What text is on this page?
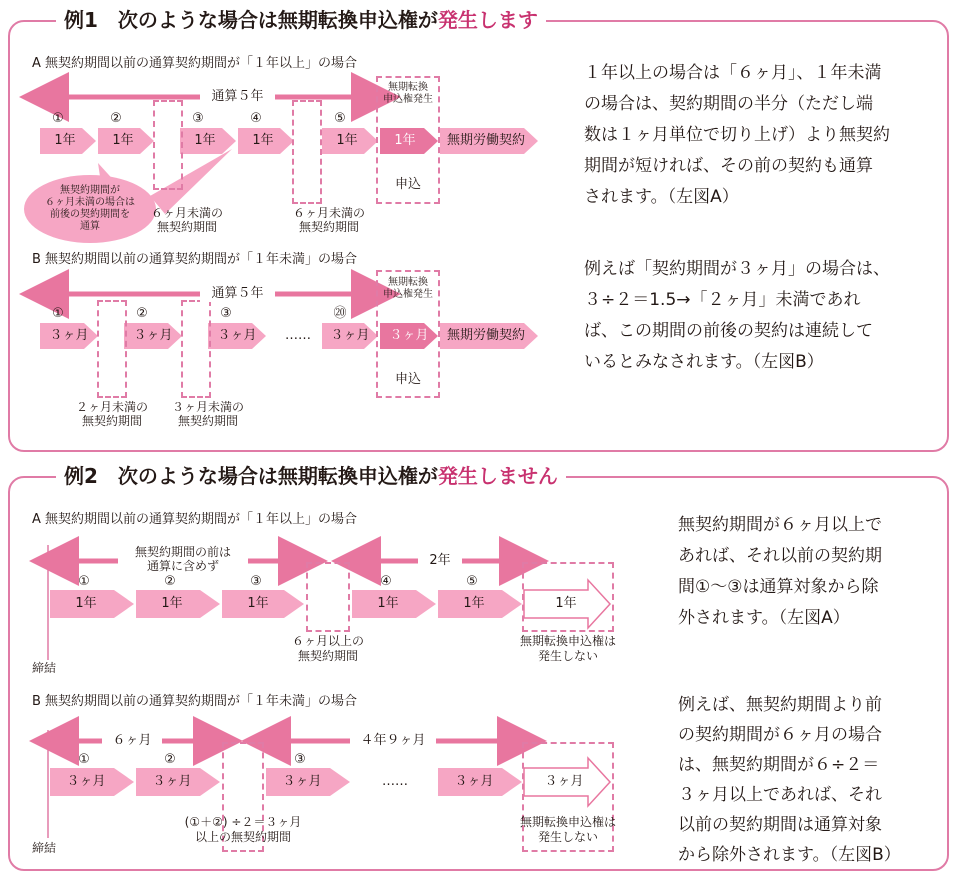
例1　次のような場合は無期転換申込権が発生します
A 無契約期間以前の通算契約期間が「１年以上」の場合
通算５年
①	②	③	④	⑤
1年	1年	1年	1年	1年	1年	無期労働契約
無期転換
申込権発生
申込
６ヶ月未満の
無契約期間
６ヶ月未満の
無契約期間
無契約期間が
６ヶ月未満の場合は
前後の契約期間を
通算
B 無契約期間以前の通算契約期間が「１年未満」の場合
通算５年
①	②	③	⑳
３ヶ月	３ヶ月	３ヶ月	……	３ヶ月	３ヶ月	無期労働契約
無期転換
申込権発生
申込
２ヶ月未満の
無契約期間
３ヶ月未満の
無契約期間
１年以上の場合は「６ヶ月」、１年未満
の場合は、契約期間の半分（ただし端
数は１ヶ月単位で切り上げ）より無契約
期間が短ければ、その前の契約も通算
されます。（左図A）
例えば「契約期間が３ヶ月」の場合は、
３÷２＝1.5→「２ヶ月」未満であれ
ば、この期間の前後の契約は連続して
いるとみなされます。（左図B）
例2　次のような場合は無期転換申込権が発生しません
A 無契約期間以前の通算契約期間が「１年以上」の場合
無契約期間の前は
通算に含めず	2年
①	②	③	④	⑤
1年	1年	1年	1年	1年	1年
６ヶ月以上の
無契約期間
無期転換申込権は
発生しない
締結
B 無契約期間以前の通算契約期間が「１年未満」の場合
６ヶ月	４年９ヶ月
①	②	③
３ヶ月	３ヶ月	３ヶ月	……	３ヶ月	３ヶ月
(①＋②) ÷２＝３ヶ月
以上の無契約期間
無期転換申込権は
発生しない
締結
無契約期間が６ヶ月以上で
あれば、それ以前の契約期
間①〜③は通算対象から除
外されます。（左図A）
例えば、無契約期間より前
の契約期間が６ヶ月の場合
は、無契約期間が６÷２＝
３ヶ月以上であれば、それ
以前の契約期間は通算対象
から除外されます。（左図B）
